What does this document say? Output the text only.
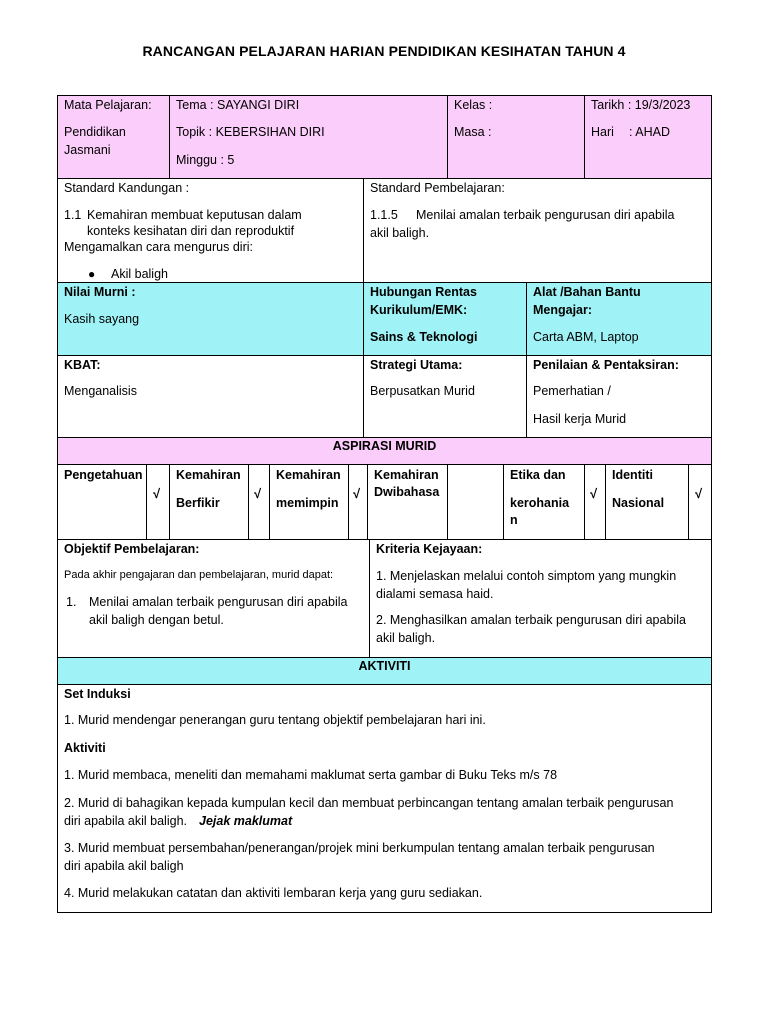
RANCANGAN PELAJARAN HARIAN PENDIDIKAN KESIHATAN TAHUN 4
Mata Pelajaran:
Pendidikan
Jasmani
Tema : SAYANGI DIRI
Topik : KEBERSIHAN DIRI
Minggu : 5
Kelas :
Masa :
Tarikh : 19/3/2023
Hari : AHAD
Standard Kandungan :
1.1 Kemahiran membuat keputusan dalam
konteks kesihatan diri dan reproduktif
Mengamalkan cara mengurus diri:
● Akil baligh
Standard Pembelajaran:
1.1.5 Menilai amalan terbaik pengurusan diri apabila
akil baligh.
Nilai Murni :
Kasih sayang
Hubungan Rentas
Kurikulum/EMK:
Sains & Teknologi
Alat /Bahan Bantu
Mengajar:
Carta ABM, Laptop
KBAT:
Menganalisis
Strategi Utama:
Berpusatkan Murid
Penilaian & Pentaksiran:
Pemerhatian /
Hasil kerja Murid
ASPIRASI MURID
Pengetahuan
√
Kemahiran
Berfikir
√
Kemahiran
memimpin
√
Kemahiran
Dwibahasa
Etika dan
kerohania
n
√
Identiti
Nasional
√
Objektif Pembelajaran:
Pada akhir pengajaran dan pembelajaran, murid dapat:
1. Menilai amalan terbaik pengurusan diri apabila
akil baligh dengan betul.
Kriteria Kejayaan:
1. Menjelaskan melalui contoh simptom yang mungkin
dialami semasa haid.
2. Menghasilkan amalan terbaik pengurusan diri apabila
akil baligh.
AKTIVITI
Set Induksi
1. Murid mendengar penerangan guru tentang objektif pembelajaran hari ini.
Aktiviti
1. Murid membaca, meneliti dan memahami maklumat serta gambar di Buku Teks m/s 78
2. Murid di bahagikan kepada kumpulan kecil dan membuat perbincangan tentang amalan terbaik pengurusan
diri apabila akil baligh. Jejak maklumat
3. Murid membuat persembahan/penerangan/projek mini berkumpulan tentang amalan terbaik pengurusan
diri apabila akil baligh
4. Murid melakukan catatan dan aktiviti lembaran kerja yang guru sediakan.
